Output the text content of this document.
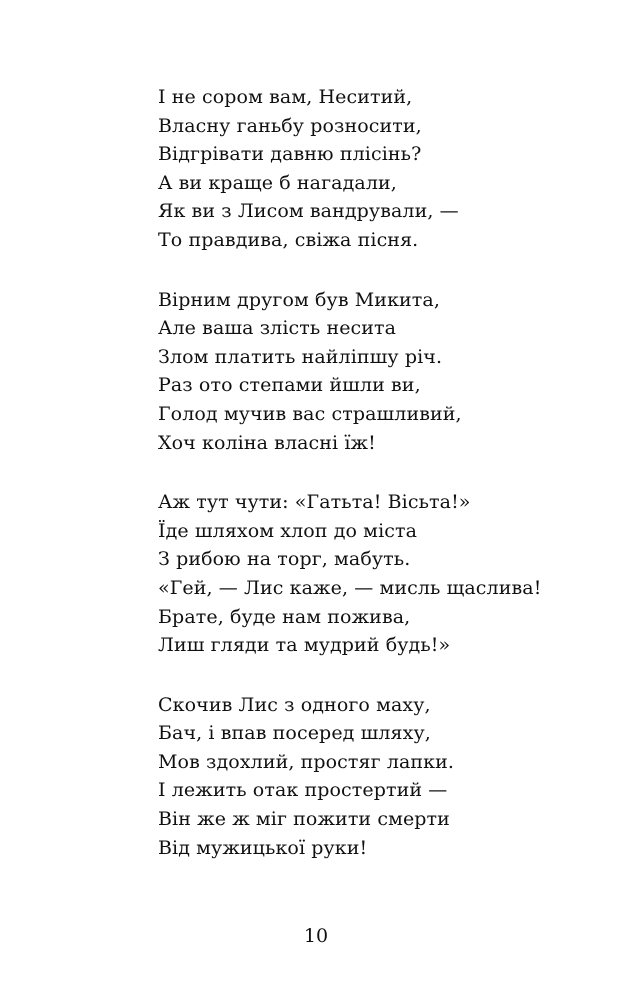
І не сором вам, Неситий,
Власну ганьбу розносити,
Відгрівати давню плісінь?
А ви краще б нагадали,
Як ви з Лисом вандрували, —
То правдива, свіжа пісня.
Вірним другом був Микита,
Але ваша злість несита
Злом платить найліпшу річ.
Раз ото степами йшли ви,
Голод мучив вас страшливий,
Хоч коліна власні їж!
Аж тут чути: «Гатьта! Вісьта!»
Їде шляхом хлоп до міста
З рибою на торг, мабуть.
«Гей, — Лис каже, — мисль щаслива!
Брате, буде нам пожива,
Лиш гляди та мудрий будь!»
Скочив Лис з одного маху,
Бач, і впав посеред шляху,
Мов здохлий, простяг лапки.
І лежить отак простертий —
Він же ж міг пожити смерти
Від мужицької руки!
10
